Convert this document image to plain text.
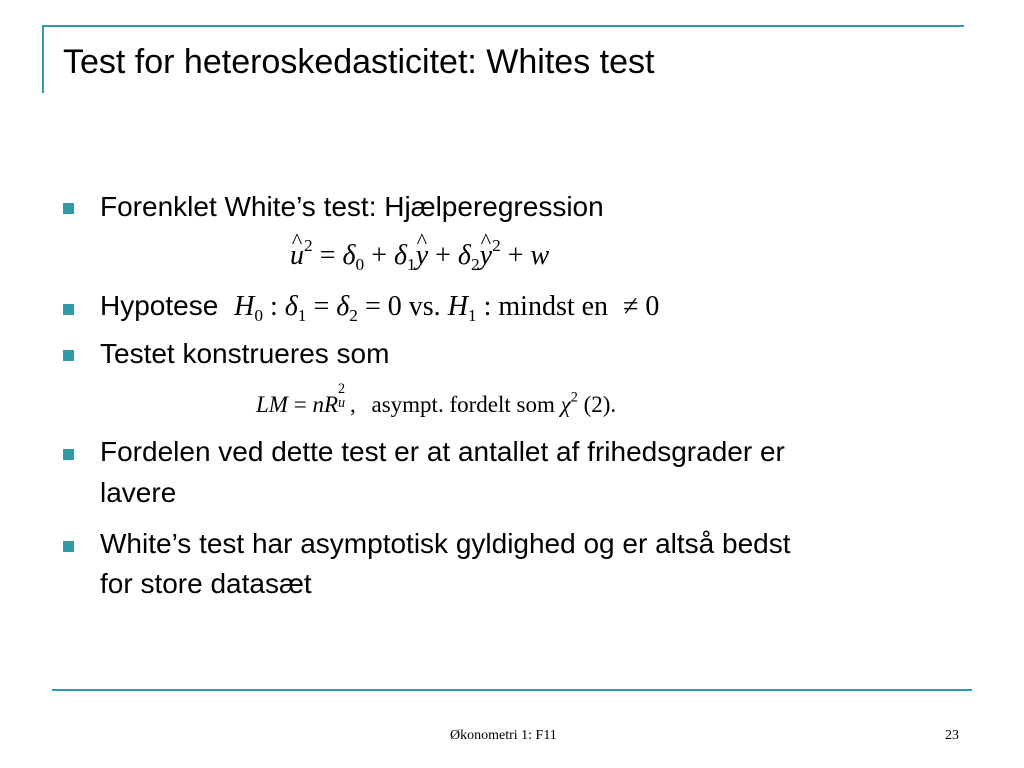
Test for heteroskedasticitet: Whites test
Forenklet White’s test: Hjælperegression
^ $u^2 = \delta_0$ + $\delta_1\^{}$ $y + \delta_2\^{}$ $y^2 + w$
Hypotese $H_0$ : $\delta_1 = \delta_2 = 0$ vs. $H_1$ : mindst en ≠ 0
Testet konstrueres som
LM = nR
2
u , asympt. fordelt som $\chi^2$ (2).
Fordelen ved dette test er at antallet af frihedsgrader er
lavere
White’s test har asymptotisk gyldighed og er altså bedst
for store datasæt
Økonometri 1: F11	23
